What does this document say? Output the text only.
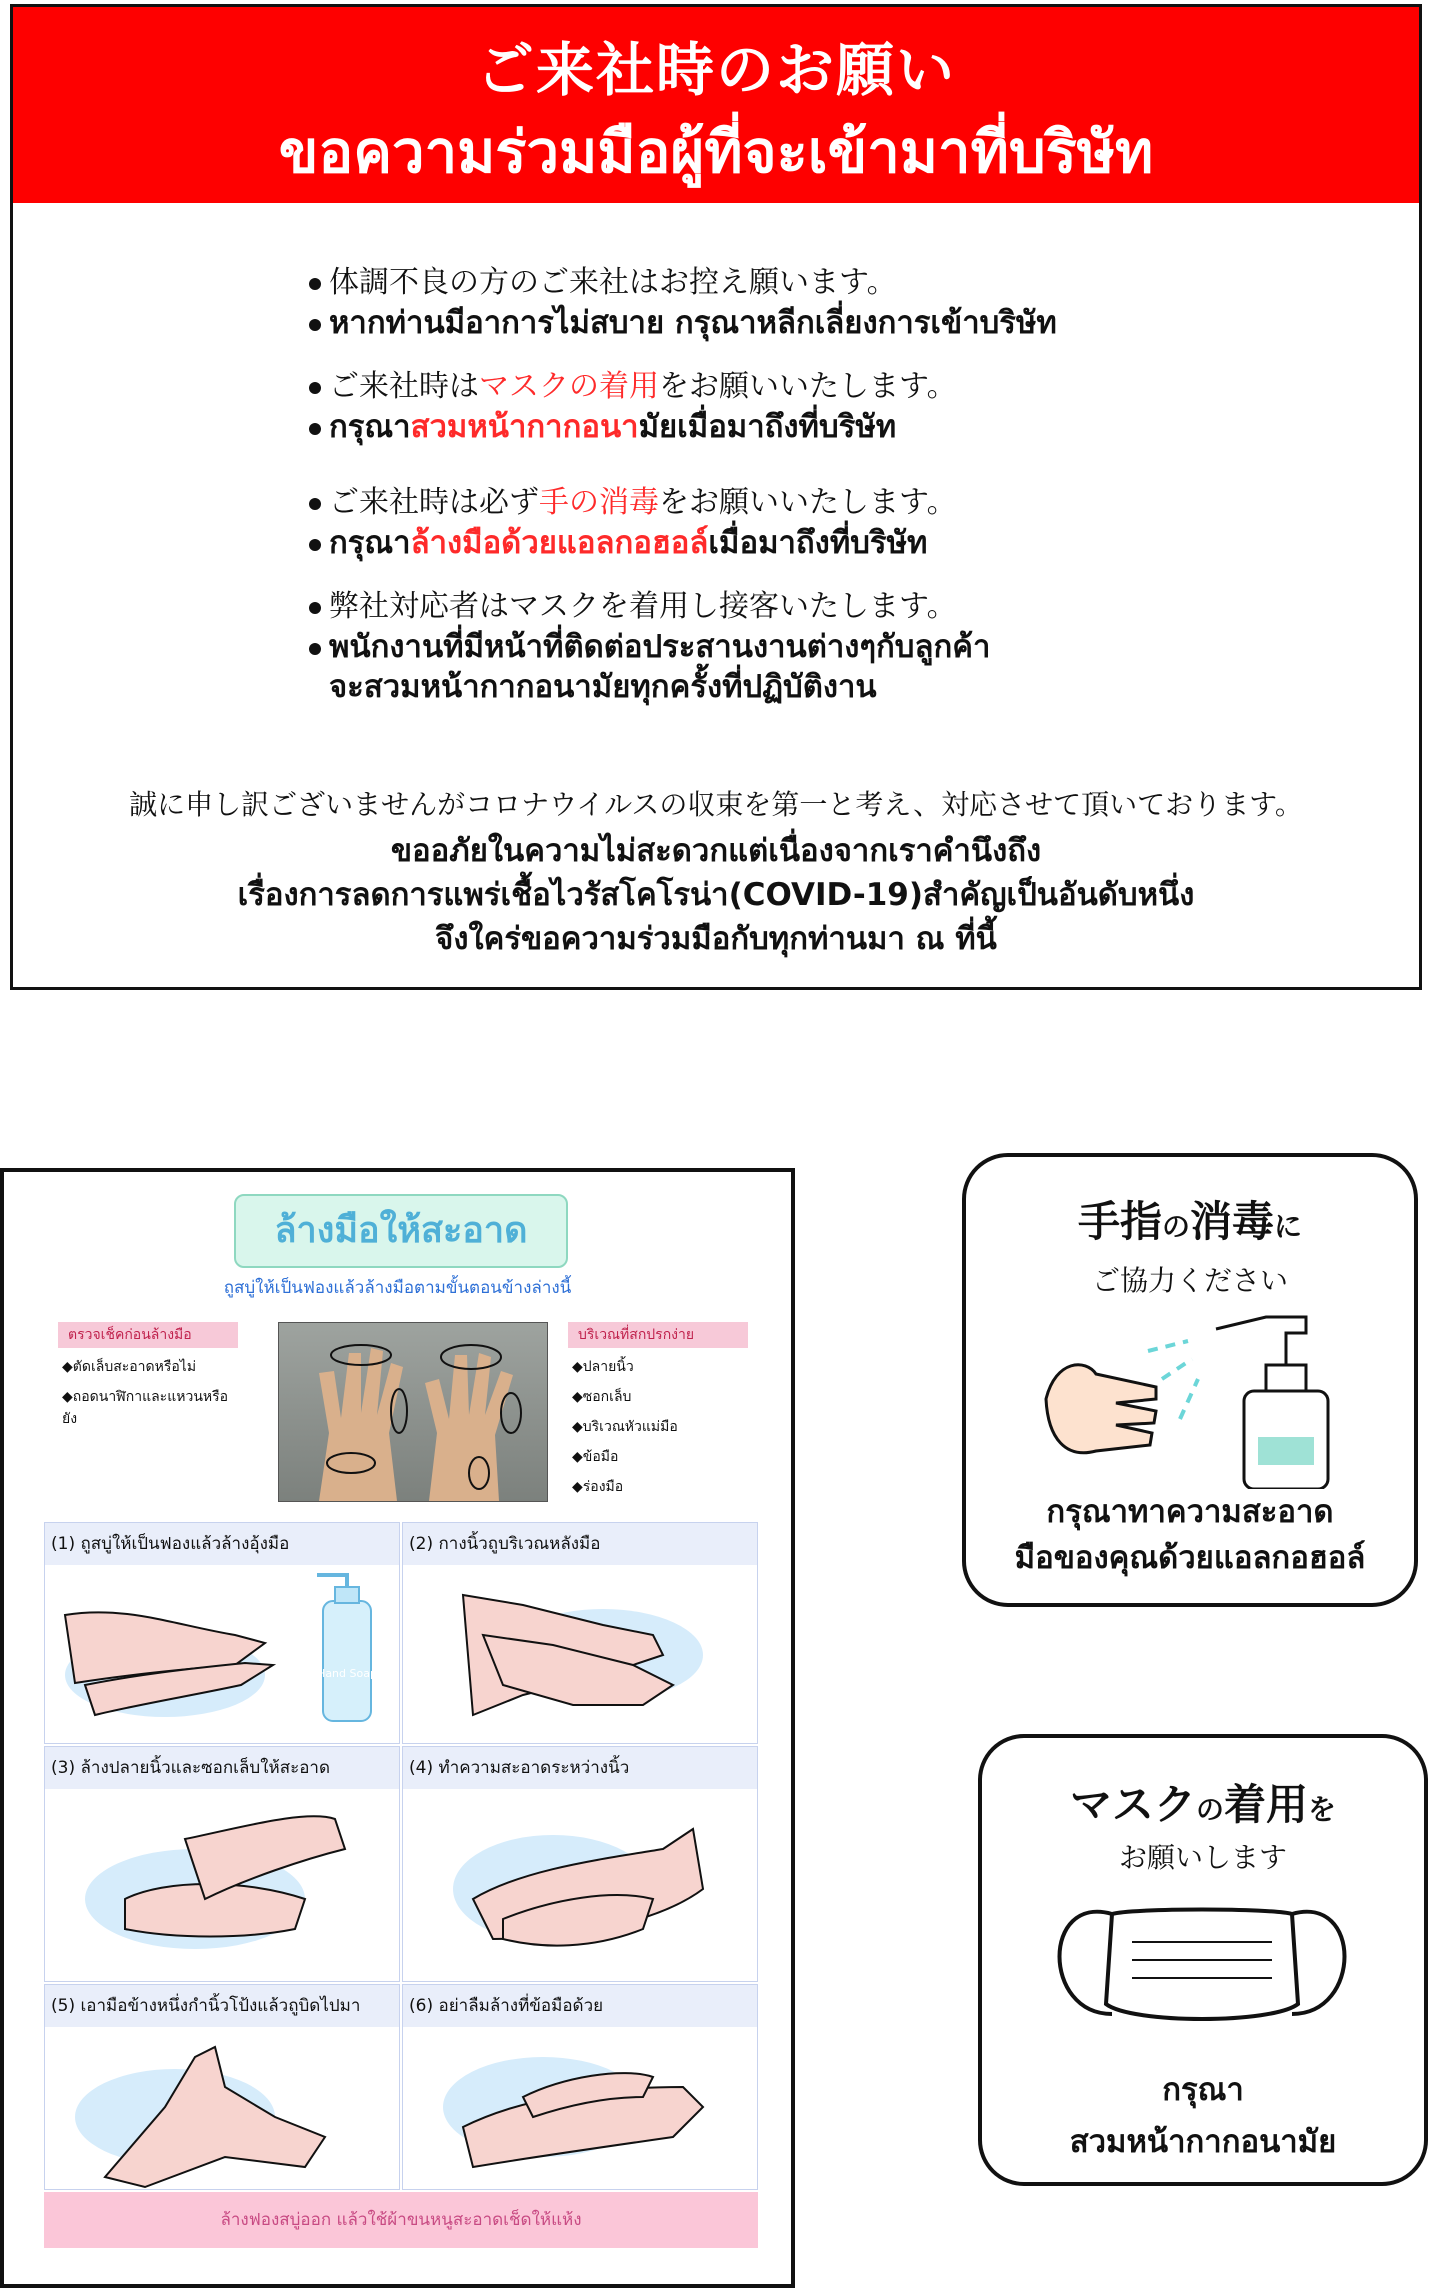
ご来社時のお願い
ขอความร่วมมือผู้ที่จะเข้ามาที่บริษัท
体調不良の方のご来社はお控え願います。
หากท่านมีอาการไม่สบาย กรุณาหลีกเลี่ยงการเข้าบริษัท
ご来社時はマスクの着用をお願いいたします。
กรุณาสวมหน้ากากอนามัยเมื่อมาถึงที่บริษัท
ご来社時は必ず手の消毒をお願いいたします。
กรุณาล้างมือด้วยแอลกอฮอล์เมื่อมาถึงที่บริษัท
弊社対応者はマスクを着用し接客いたします。
พนักงานที่มีหน้าที่ติดต่อประสานงานต่างๆกับลูกค้า
จะสวมหน้ากากอนามัยทุกครั้งที่ปฏิบัติงาน
誠に申し訳ございませんがコロナウイルスの収束を第一と考え、対応させて頂いております。
ขออภัยในความไม่สะดวกแต่เนื่องจากเราคำนึงถึง
เรื่องการลดการแพร่เชื้อไวรัสโคโรน่า(COVID-19)สำคัญเป็นอันดับหนึ่ง
จึงใคร่ขอความร่วมมือกับทุกท่านมา ณ ที่นี้
ล้างมือให้สะอาด
ถูสบู่ให้เป็นฟองแล้วล้างมือตามขั้นตอนข้างล่างนี้
ตรวจเช็คก่อนล้างมือ
◆ตัดเล็บสะอาดหรือไม่
◆ถอดนาฬิกาและแหวนหรือยัง
บริเวณที่สกปรกง่าย
◆ปลายนิ้ว
◆ซอกเล็บ
◆บริเวณหัวแม่มือ
◆ข้อมือ
◆ร่องมือ
(1) ถูสบู่ให้เป็นฟองแล้วล้างอุ้งมือ
Hand Soap
(2) กางนิ้วถูบริเวณหลังมือ
(3) ล้างปลายนิ้วและซอกเล็บให้สะอาด	(4) ทำความสะอาดระหว่างนิ้ว
(5) เอามือข้างหนึ่งกำนิ้วโป้งแล้วถูบิดไปมา	(6) อย่าลืมล้างที่ข้อมือด้วย
ล้างฟองสบู่ออก แล้วใช้ผ้าขนหนูสะอาดเช็ดให้แห้ง
手指の消毒に
ご協力ください
กรุณาทาความสะอาด
มือของคุณด้วยแอลกอฮอล์
マスクの着用を
お願いします
กรุณา
สวมหน้ากากอนามัย
